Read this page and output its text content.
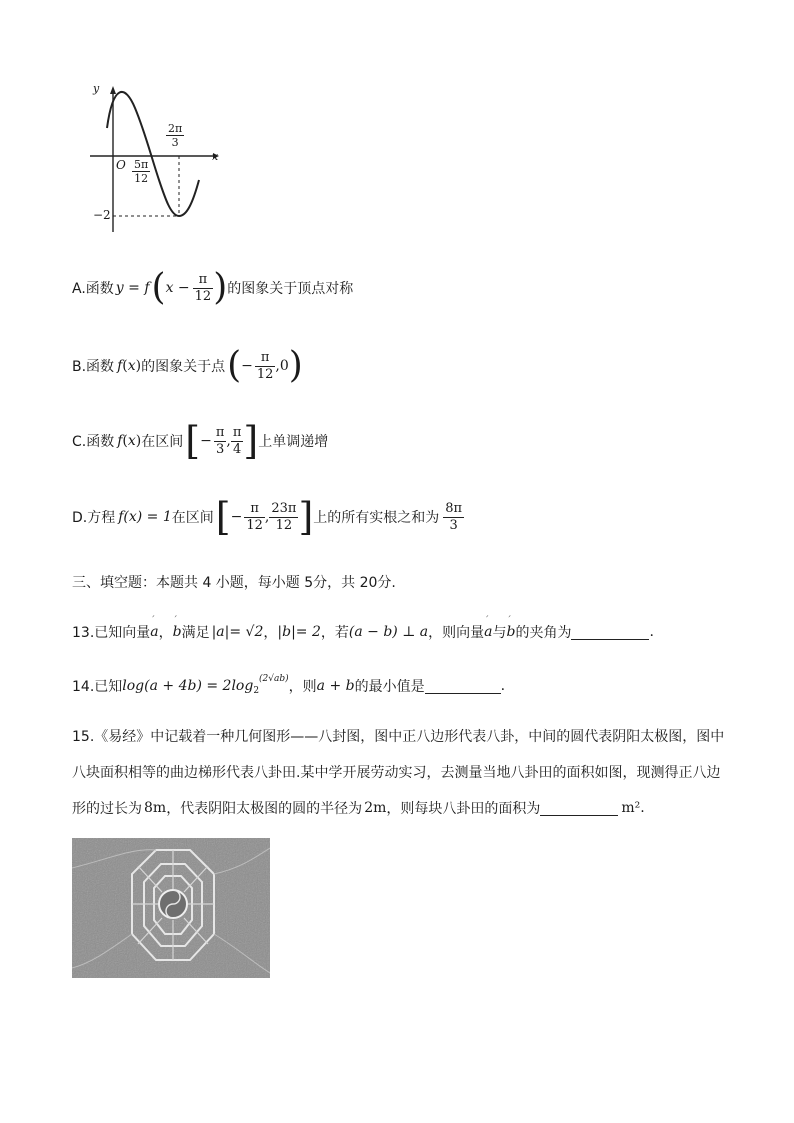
y
x
O $\frac{5\pi}{12}$
$\frac{2\pi}{3}$
−2
A.函数 y = f ( $x - \frac{\pi}{12}$ ) 的图象关于顶点对称
B.函数 f ( x ) 的图象关于点 ( − $\frac{\pi}{12} ,0$ )
C.函数 f ( x ) 在区间 [ − $\frac{\pi}{3}$ , $\frac{\pi}{4}$ ] 上单调递增
D.方程 f(x) = 1 在区间 [ − $\frac{\pi}{12}$ , $\frac{23\pi}{12}$ ] 上的所有实根之和为 $\frac{8\pi}{3}$
三、填空题：本题共 4 小题，每小题 5分，共 20分.
13.已知向量 ′ a ， ′ b 满足 |a|= √2 ， |b|= 2 ，若 (a − b) ⊥ a ，则向量 ′ a 与 ′ b 的夹角为	.
14.已知 log(a + 4b) = 2log 2
(2√ab) ，则 a + b 的最小值是	.
15.《易经》中记载着一种几何图形——八封图，图中正八边形代表八卦，中间的圆代表阴阳太极图，图中
八块面积相等的曲边梯形代表八卦田.某中学开展劳动实习，去测量当地八卦田的面积如图，现测得正八边
形的过长为 8m ，代表阴阳太极图的圆的半径为 2m ，则每块八卦田的面积为	m² .
